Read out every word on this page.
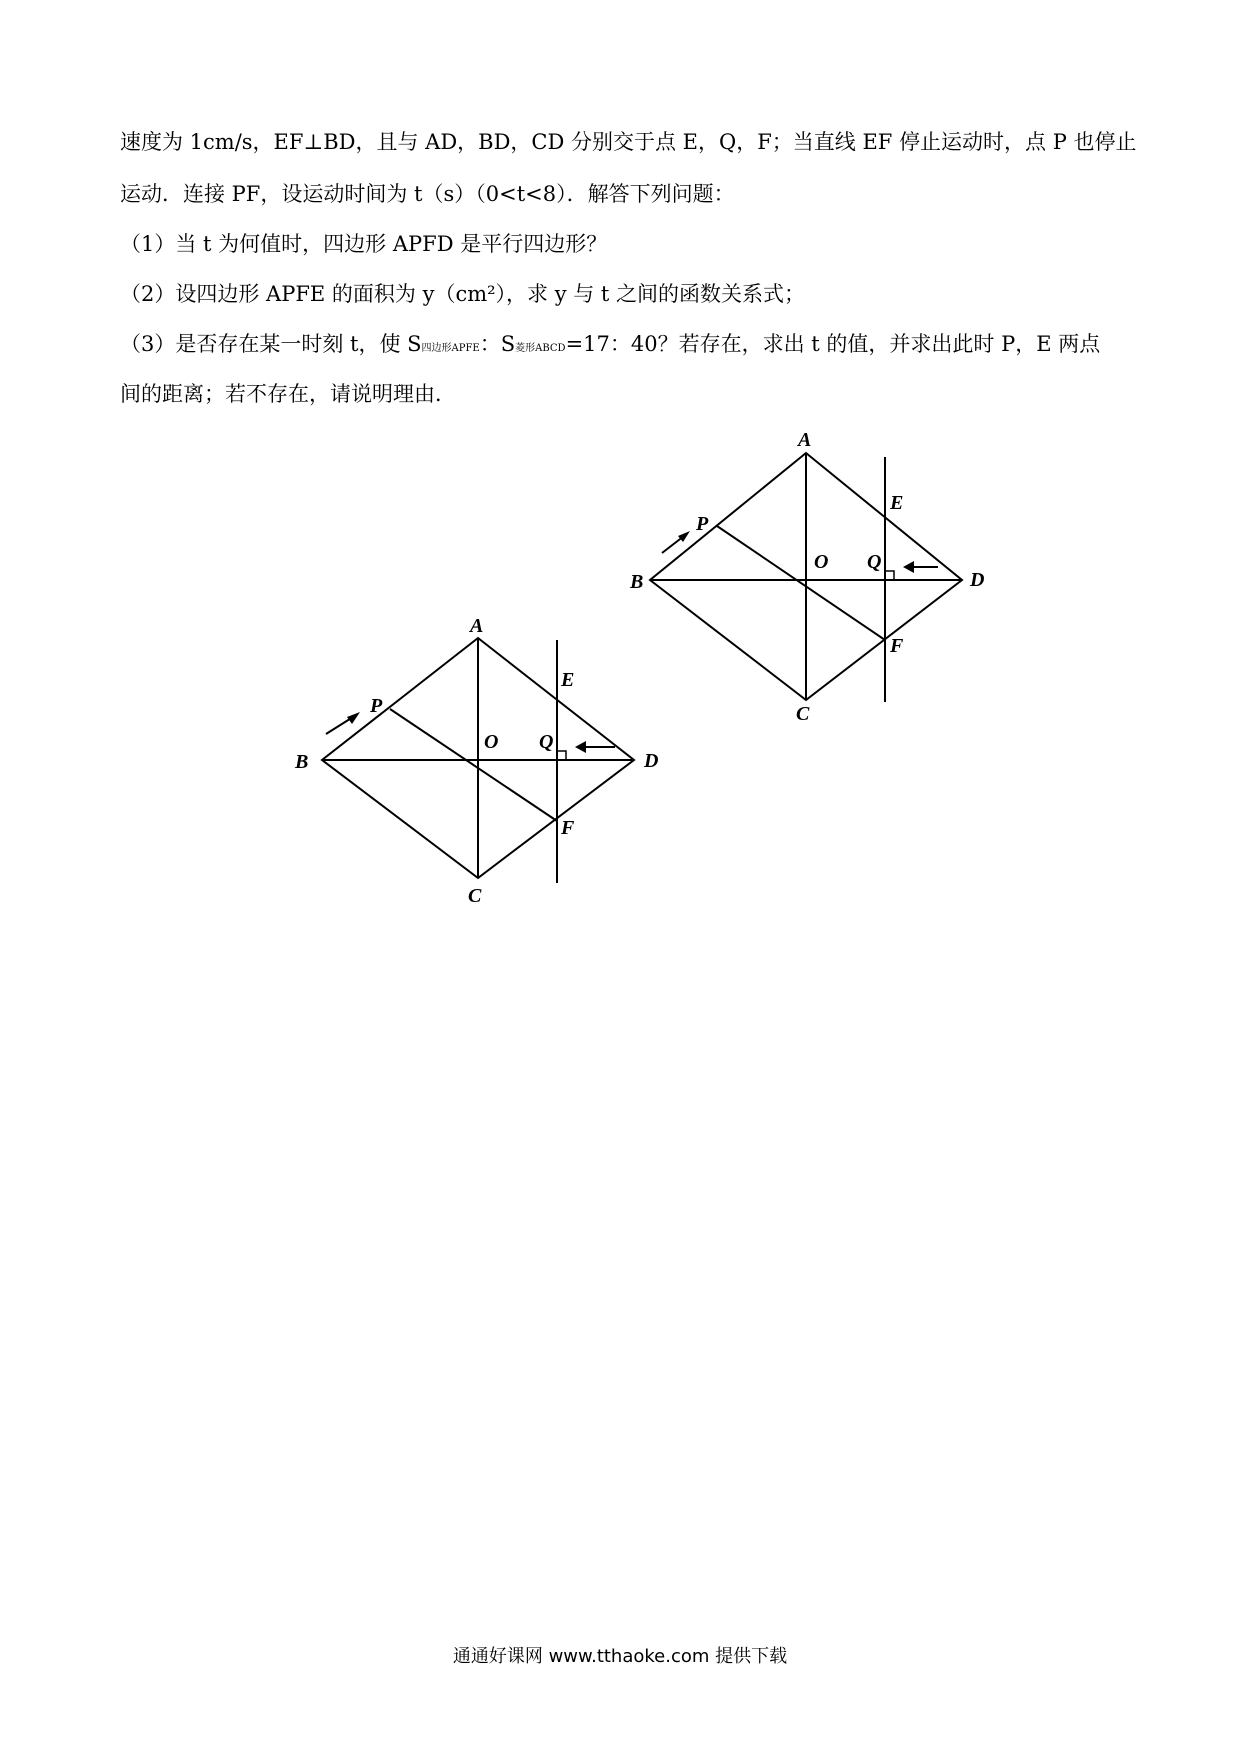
速度为 1cm/s，EF⊥BD，且与 AD，BD，CD 分别交于点 E，Q，F；当直线 EF 停止运动时，点 P 也停止
运动．连接 PF，设运动时间为 t（s）（0<t<8）．解答下列问题：
（1）当 t 为何值时，四边形 APFD 是平行四边形？
（2）设四边形 APFE 的面积为 y（cm²），求 y 与 t 之间的函数关系式；
（3）是否存在某一时刻 t，使 S四边形APFE：S菱形ABCD=17：40？若存在，求出 t 的值，并求出此时 P，E 两点
间的距离；若不存在，请说明理由．
A
B
C
D
E
F
P
O Q
A
B
C
D
E
F
P
O Q
通通好课网 www.tthaoke.com 提供下载
